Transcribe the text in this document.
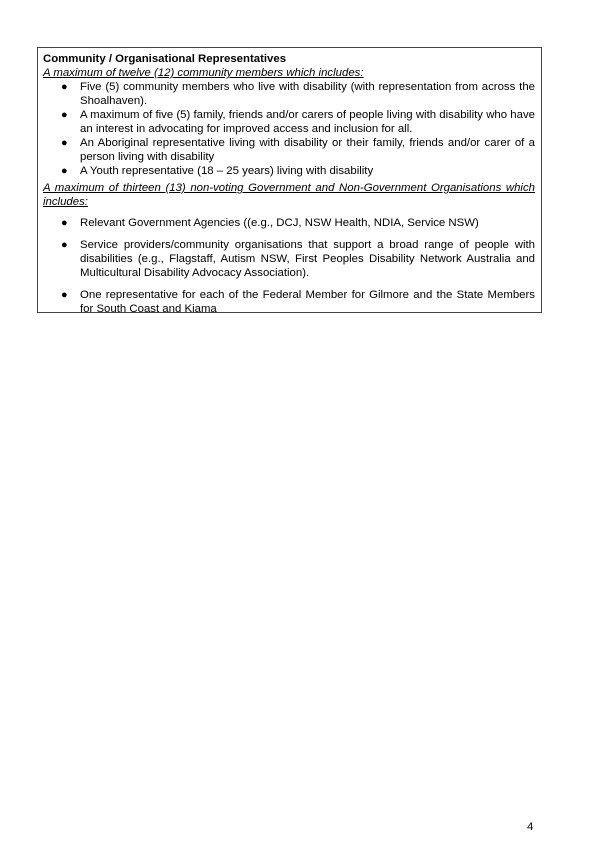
Community / Organisational Representatives

A maximum of twelve (12) community members which includes:

● Five (5) community members who live with disability (with representation from across the Shoalhaven).
● A maximum of five (5) family, friends and/or carers of people living with disability who have an interest in advocating for improved access and inclusion for all.
● An Aboriginal representative living with disability or their family, friends and/or carer of a person living with disability
● A Youth representative (18 – 25 years) living with disability

A maximum of thirteen (13) non-voting Government and Non-Government Organisations which includes:

● Relevant Government Agencies ((e.g., DCJ, NSW Health, NDIA, Service NSW)
● Service providers/community organisations that support a broad range of people with disabilities (e.g., Flagstaff, Autism NSW, First Peoples Disability Network Australia and Multicultural Disability Advocacy Association).
● One representative for each of the Federal Member for Gilmore and the State Members for South Coast and Kiama
4
